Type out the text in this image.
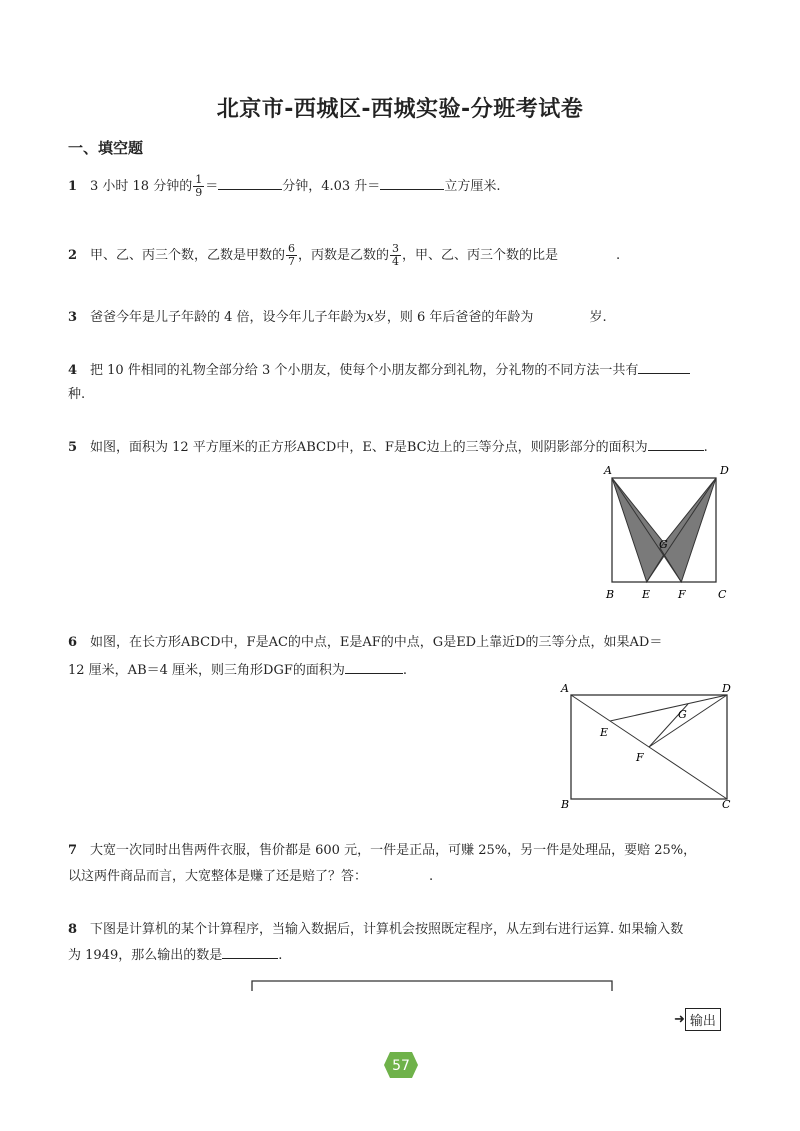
北京市-西城区-西城实验-分班考试卷
一、填空题
1 3 小时 18 分钟的 $\frac{1}{9}$ ＝	分钟，4.03 升＝	立方厘米.
2 甲、乙、丙三个数，乙数是甲数的 $\frac{6}{7}$ ，丙数是乙数的 $\frac{3}{4}$ ，甲、乙、丙三个数的比是	.
3 爸爸今年是儿子年龄的 4 倍，设今年儿子年龄为x岁，则 6 年后爸爸的年龄为	岁.
4 把 10 件相同的礼物全部分给 3 个小朋友，使每个小朋友都分到礼物，分礼物的不同方法一共有
种.
5 如图，面积为 12 平方厘米的正方形ABCD中，E、F是BC边上的三等分点，则阴影部分的面积为	.
A	D
B	E	F	C
G
6 如图，在长方形ABCD中，F是AC的中点，E是AF的中点，G是ED上靠近D的三等分点，如果AD＝
12 厘米，AB＝4 厘米，则三角形DGF的面积为	.
A	D
B	C
E
F
G
7 大宽一次同时出售两件衣服，售价都是 600 元，一件是正品，可赚 25%，另一件是处理品，要赔 25%，
以这两件商品而言，大宽整体是赚了还是赔了？答：	.
8 下图是计算机的某个计算程序，当输入数据后，计算机会按照既定程序，从左到右进行运算. 如果输入数
为 1949，那么输出的数是	.
➜ 输出
57
